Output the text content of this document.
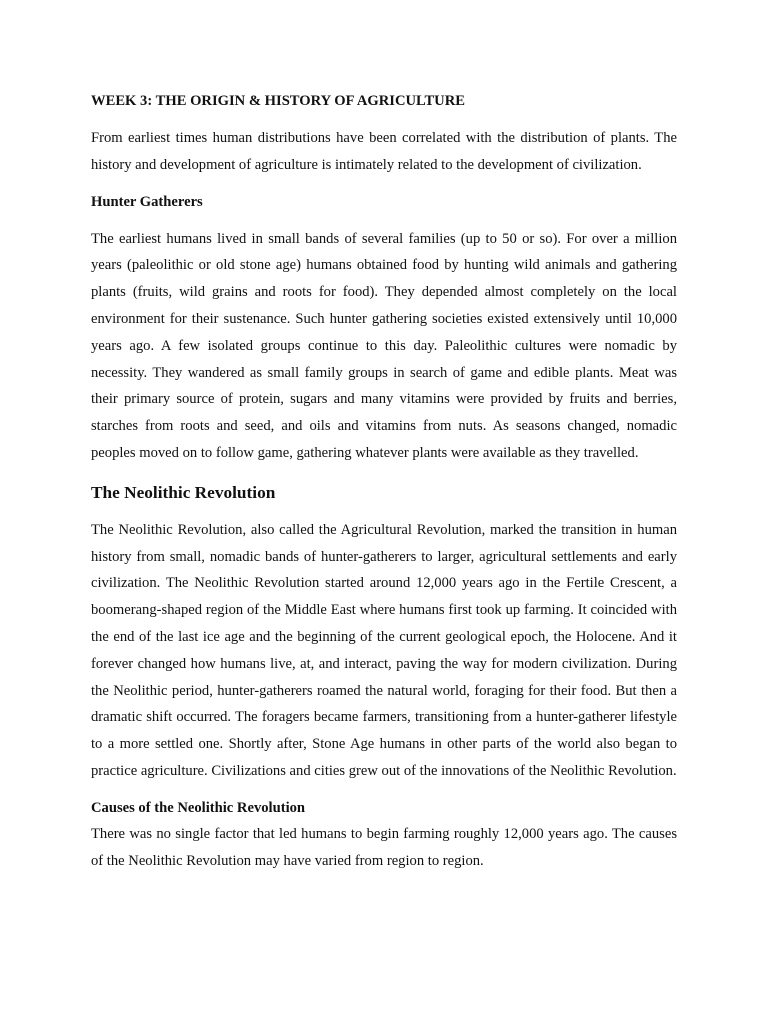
WEEK 3: THE ORIGIN & HISTORY OF AGRICULTURE

From earliest times human distributions have been correlated with the distribution of plants. The history and development of agriculture is intimately related to the development of civilization.

Hunter Gatherers

The earliest humans lived in small bands of several families (up to 50 or so). For over a million years (paleolithic or old stone age) humans obtained food by hunting wild animals and gathering plants (fruits, wild grains and roots for food). They depended almost completely on the local environment for their sustenance. Such hunter gathering societies existed extensively until 10,000 years ago. A few isolated groups continue to this day. Paleolithic cultures were nomadic by necessity. They wandered as small family groups in search of game and edible plants. Meat was their primary source of protein, sugars and many vitamins were provided by fruits and berries, starches from roots and seed, and oils and vitamins from nuts. As seasons changed, nomadic peoples moved on to follow game, gathering whatever plants were available as they travelled.

The Neolithic Revolution

The Neolithic Revolution, also called the Agricultural Revolution, marked the transition in human history from small, nomadic bands of hunter-gatherers to larger, agricultural settlements and early civilization. The Neolithic Revolution started around 12,000 years ago in the Fertile Crescent, a boomerang-shaped region of the Middle East where humans first took up farming. It coincided with the end of the last ice age and the beginning of the current geological epoch, the Holocene. And it forever changed how humans live, at, and interact, paving the way for modern civilization. During the Neolithic period, hunter-gatherers roamed the natural world, foraging for their food. But then a dramatic shift occurred. The foragers became farmers, transitioning from a hunter-gatherer lifestyle to a more settled one. Shortly after, Stone Age humans in other parts of the world also began to practice agriculture. Civilizations and cities grew out of the innovations of the Neolithic Revolution.

Causes of the Neolithic Revolution

There was no single factor that led humans to begin farming roughly 12,000 years ago. The causes of the Neolithic Revolution may have varied from region to region.
